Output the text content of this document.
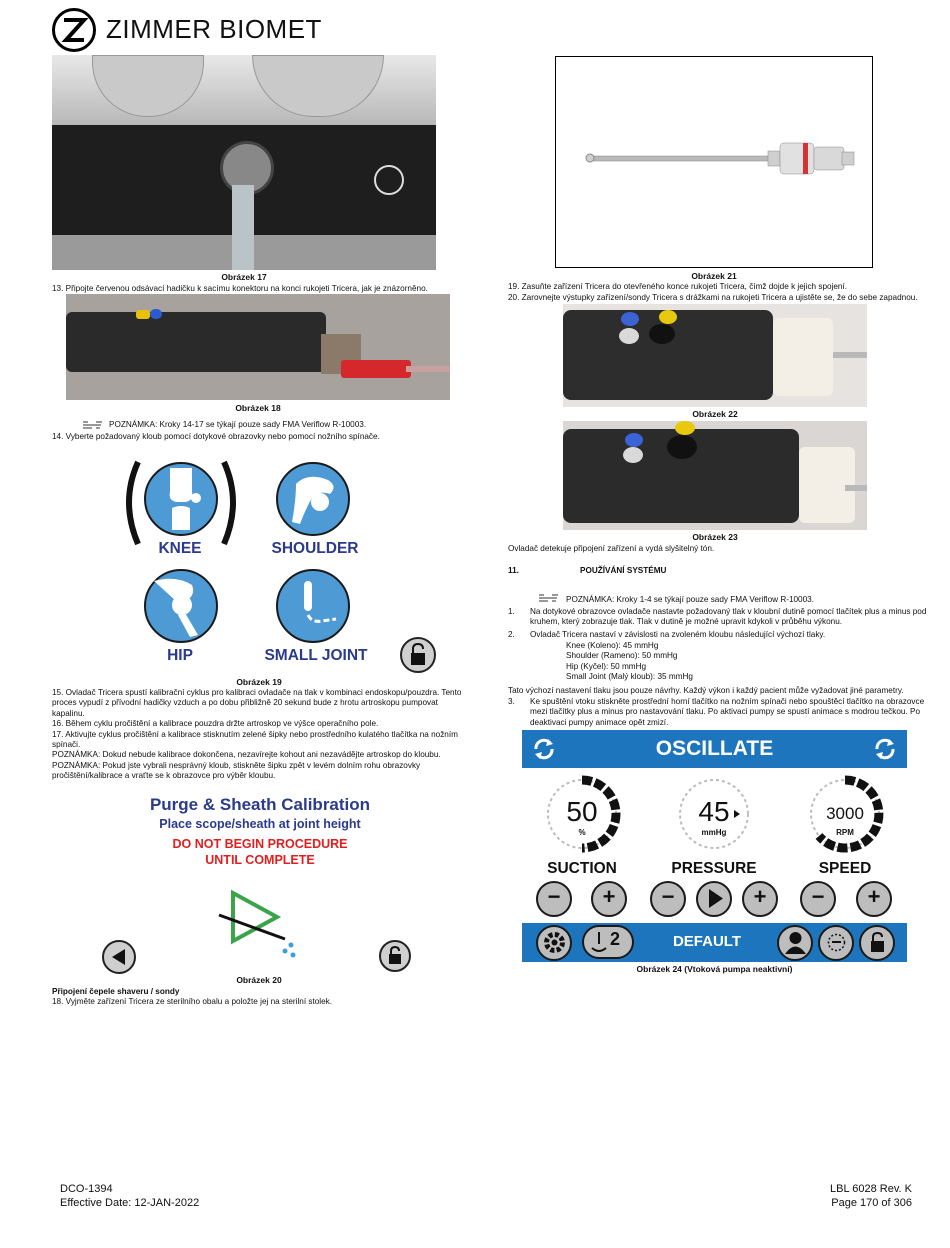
ZIMMER BIOMET
Obrázek 17
13. Připojte červenou odsávací hadičku k sacímu konektoru na konci rukojeti Tricera, jak je znázorněno.
Obrázek 18
POZNÁMKA: Kroky 14-17 se týkají pouze sady FMA Veriflow R-10003.
14. Vyberte požadovaný kloub pomocí dotykové obrazovky nebo pomocí nožního spínače.
KNEE	SHOULDER
HIP	SMALL JOINT
Obrázek 19
15. Ovladač Tricera spustí kalibrační cyklus pro kalibraci ovladače na tlak v kombinaci endoskopu/pouzdra. Tento
proces vypudí z přívodní hadičky vzduch a po dobu přibližně 20 sekund bude z hrotu artroskopu pumpovat kapalinu.
16. Během cyklu pročištění a kalibrace pouzdra držte artroskop ve výšce operačního pole.
17. Aktivujte cyklus pročištění a kalibrace stisknutím zelené šipky nebo prostředního kulatého tlačítka na nožním
spínači.
POZNÁMKA: Dokud nebude kalibrace dokončena, nezavírejte kohout ani nezavádějte artroskop do kloubu.
POZNÁMKA: Pokud jste vybrali nesprávný kloub, stiskněte šipku zpět v levém dolním rohu obrazovky
pročištění/kalibrace a vraťte se k obrazovce pro výběr kloubu.
Purge & Sheath Calibration
Place scope/sheath at joint height
DO NOT BEGIN PROCEDURE
UNTIL COMPLETE
Obrázek 20
Připojení čepele shaveru / sondy
18. Vyjměte zařízení Tricera ze sterilního obalu a položte jej na sterilní stolek.
Obrázek 21
19. Zasuňte zařízení Tricera do otevřeného konce rukojeti Tricera, čímž dojde k jejich spojení.
20. Zarovnejte výstupky zařízení/sondy Tricera s drážkami na rukojeti Tricera a ujistěte se, že do sebe zapadnou.
Obrázek 22
Obrázek 23
Ovladač detekuje připojení zařízení a vydá slyšitelný tón.
11.	POUŽÍVÁNÍ SYSTÉMU
POZNÁMKA: Kroky 1-4 se týkají pouze sady FMA Veriflow R-10003.
1. Na dotykové obrazovce ovladače nastavte požadovaný tlak v kloubní dutině pomocí tlačítek plus a minus pod
kruhem, který zobrazuje tlak. Tlak v dutině je možné upravit kdykoli v průběhu výkonu.
2. Ovladač Tricera nastaví v závislosti na zvoleném kloubu následující výchozí tlaky.
Knee (Koleno): 45 mmHg
Shoulder (Rameno): 50 mmHg
Hip (Kyčel): 50 mmHg
Small Joint (Malý kloub): 35 mmHg
Tato výchozí nastavení tlaku jsou pouze návrhy. Každý výkon i každý pacient může vyžadovat jiné parametry.
3. Ke spuštění vtoku stiskněte prostřední horní tlačítko na nožním spínači nebo spouštěcí tlačítko na obrazovce
mezi tlačítky plus a minus pro nastavování tlaku. Po aktivaci pumpy se spustí animace s modrou tečkou. Po
deaktivaci pumpy animace opět zmizí.
OSCILLATE
50
%
SUCTION
45
mmHg
PRESSURE
3000
RPM
SPEED
−	+	−	+	−	+
2	DEFAULT
Obrázek 24 (Vtoková pumpa neaktivní)
DCO-1394
Effective Date: 12-JAN-2022
LBL 6028 Rev. K
Page 170 of 306
